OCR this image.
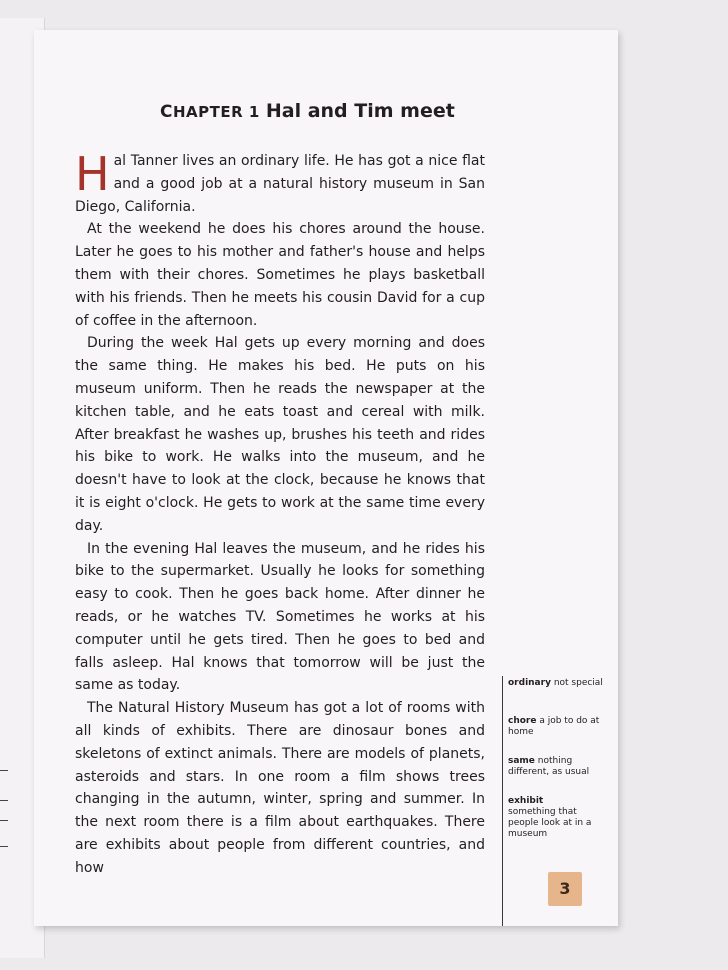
CHAPTER 1 Hal and Tim meet

Hal Tanner lives an ordinary life. He has got a nice flat and a good job at a natural history museum in San Diego, California.

At the weekend he does his chores around the house. Later he goes to his mother and father's house and helps them with their chores. Sometimes he plays basketball with his friends. Then he meets his cousin David for a cup of coffee in the afternoon.

During the week Hal gets up every morning and does the same thing. He makes his bed. He puts on his museum uniform. Then he reads the newspaper at the kitchen table, and he eats toast and cereal with milk. After breakfast he washes up, brushes his teeth and rides his bike to work. He walks into the museum, and he doesn't have to look at the clock, because he knows that it is eight o'clock. He gets to work at the same time every day.

In the evening Hal leaves the museum, and he rides his bike to the supermarket. Usually he looks for something easy to cook. Then he goes back home. After dinner he reads, or he watches TV. Sometimes he works at his computer until he gets tired. Then he goes to bed and falls asleep. Hal knows that tomorrow will be just the same as today.

The Natural History Museum has got a lot of rooms with all kinds of exhibits. There are dinosaur bones and skeletons of extinct animals. There are models of planets, asteroids and stars. In one room a film shows trees changing in the autumn, winter, spring and summer. In the next room there is a film about earthquakes. There are exhibits about people from different countries, and how

ordinary not special
chore a job to do at home
same nothing different, as usual
exhibit
something that people look at in a museum
3
